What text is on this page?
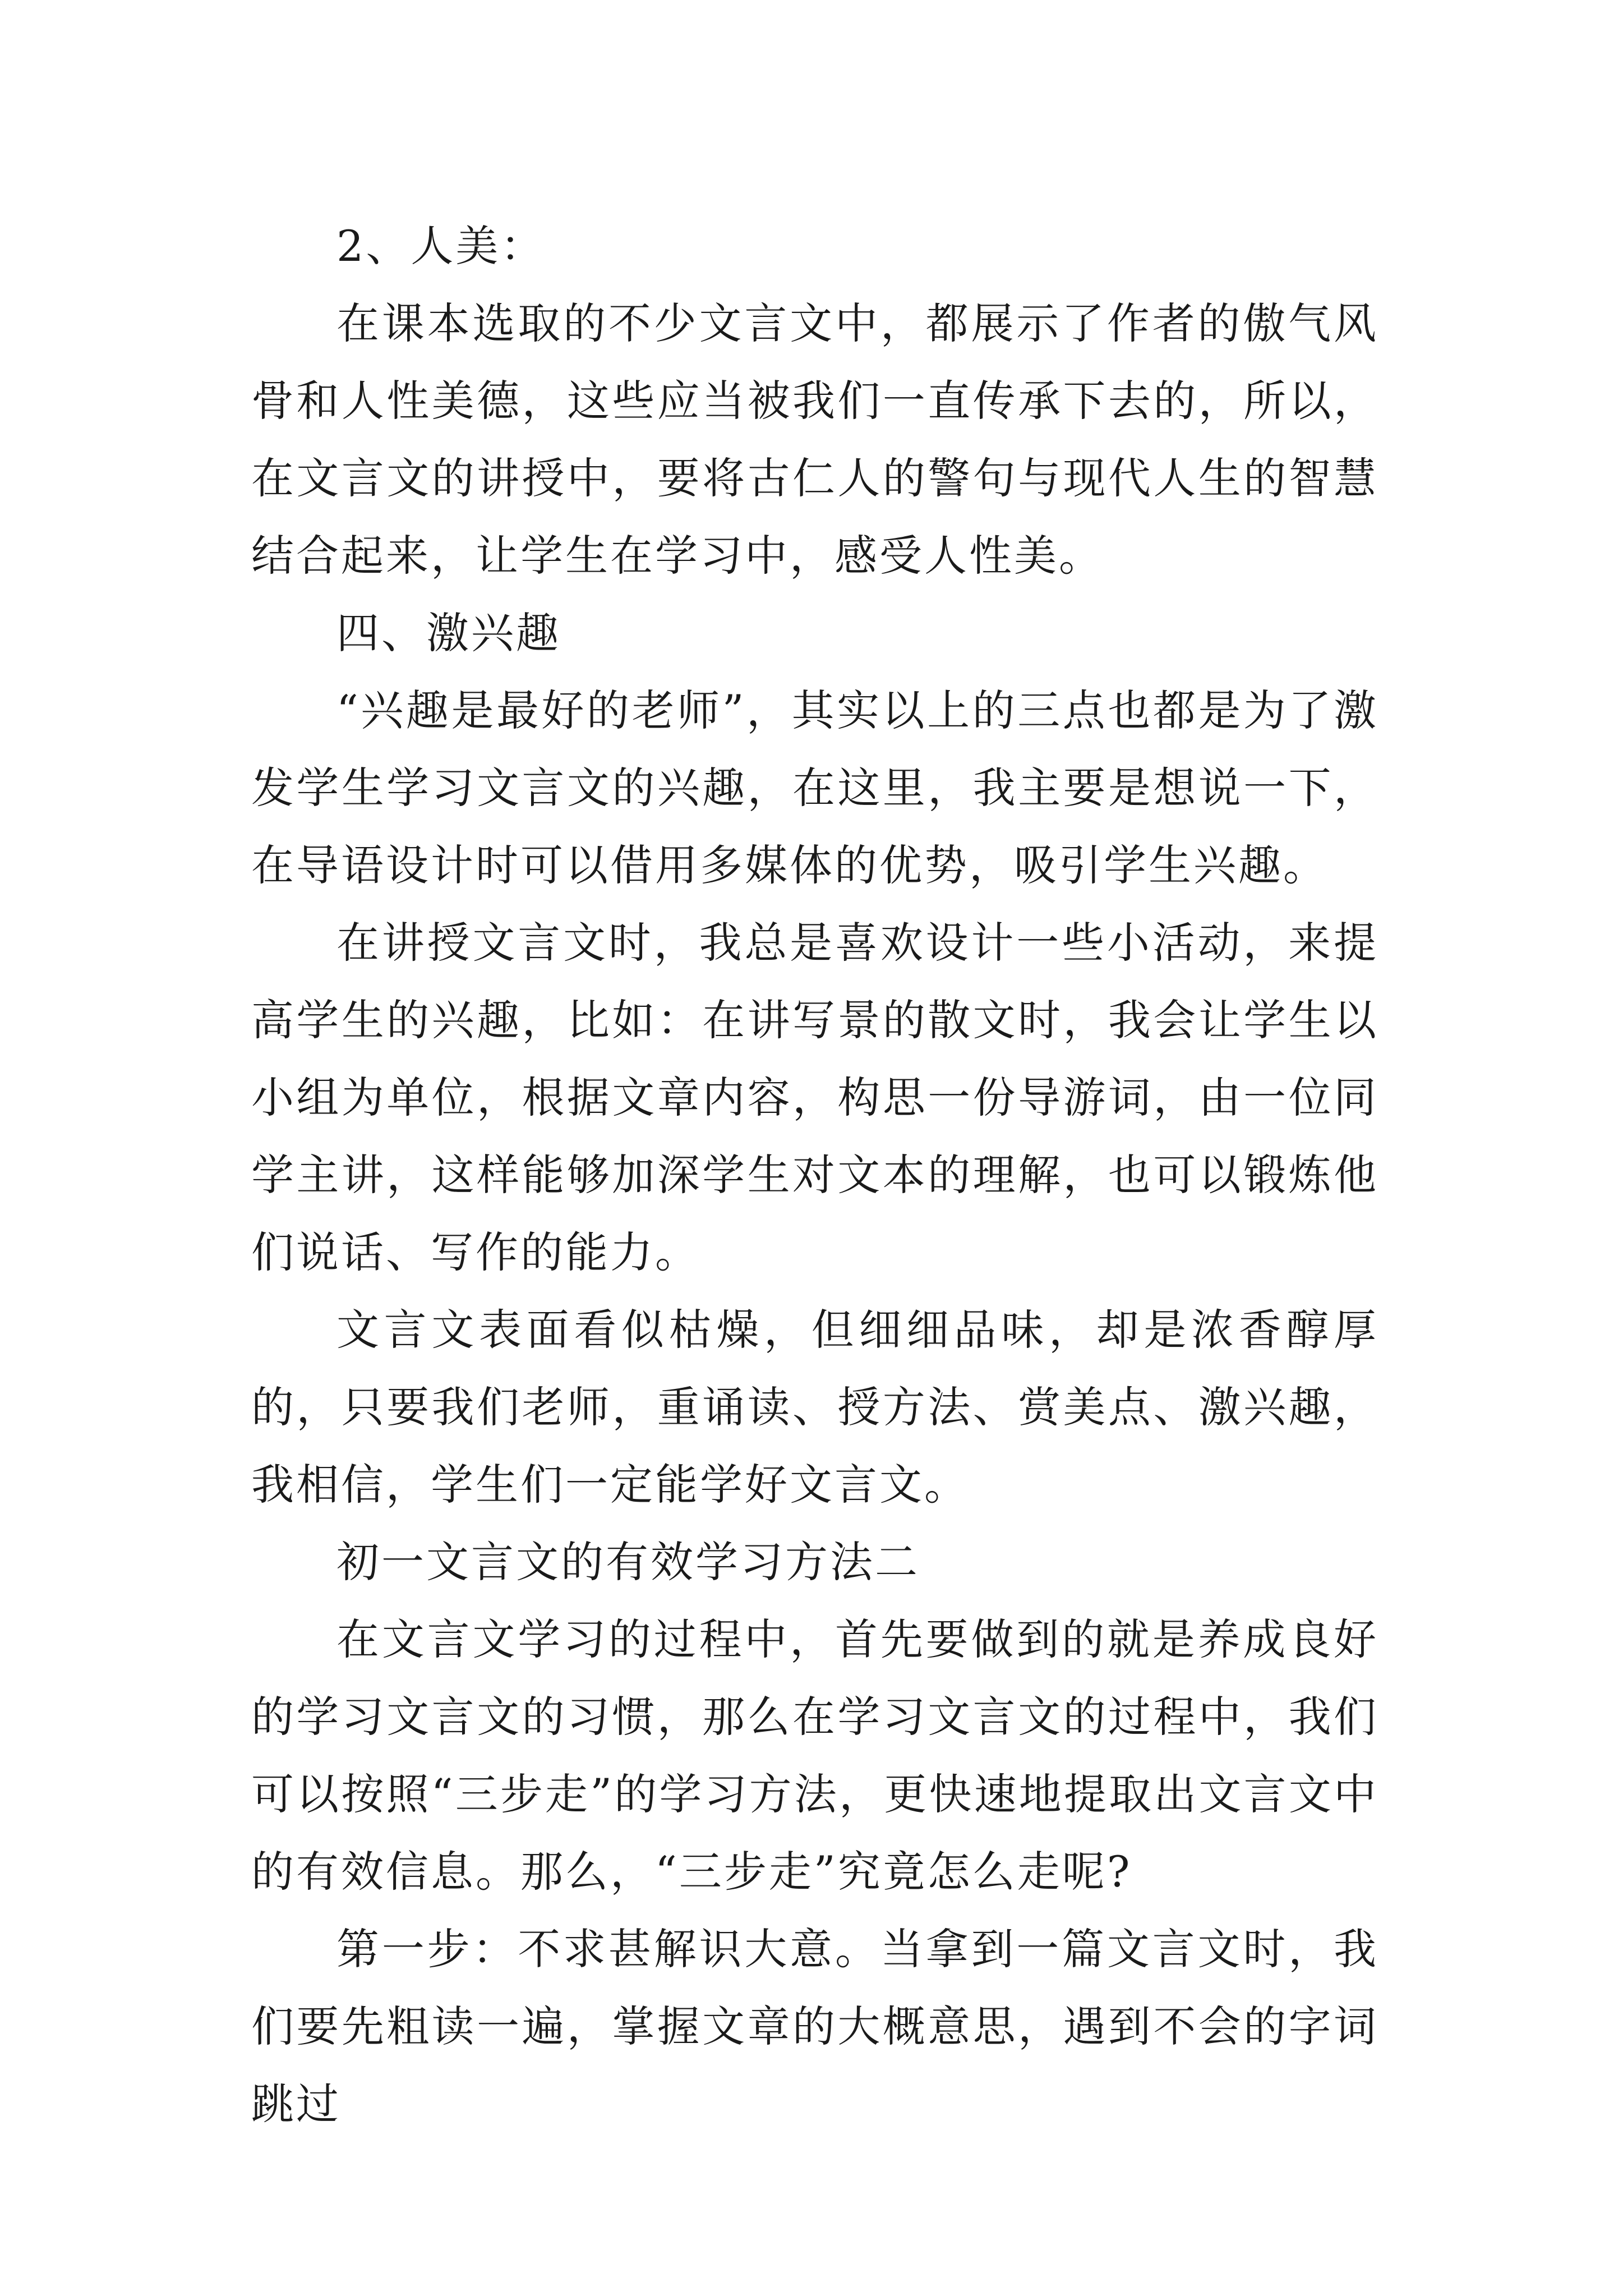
2、人美：

在课本选取的不少文言文中，都展示了作者的傲气风骨和人性美德，这些应当被我们一直传承下去的，所以，在文言文的讲授中，要将古仁人的警句与现代人生的智慧结合起来，让学生在学习中，感受人性美。

四、激兴趣

“兴趣是最好的老师”，其实以上的三点也都是为了激发学生学习文言文的兴趣，在这里，我主要是想说一下，在导语设计时可以借用多媒体的优势，吸引学生兴趣。

在讲授文言文时，我总是喜欢设计一些小活动，来提高学生的兴趣，比如：在讲写景的散文时，我会让学生以小组为单位，根据文章内容，构思一份导游词，由一位同学主讲，这样能够加深学生对文本的理解，也可以锻炼他们说话、写作的能力。

文言文表面看似枯燥，但细细品味，却是浓香醇厚的，只要我们老师，重诵读、授方法、赏美点、激兴趣，我相信，学生们一定能学好文言文。

初一文言文的有效学习方法二

在文言文学习的过程中，首先要做到的就是养成良好的学习文言文的习惯，那么在学习文言文的过程中，我们可以按照“三步走”的学习方法，更快速地提取出文言文中的有效信息。那么，“三步走”究竟怎么走呢?

第一步：不求甚解识大意。当拿到一篇文言文时，我们要先粗读一遍，掌握文章的大概意思，遇到不会的字词跳过
